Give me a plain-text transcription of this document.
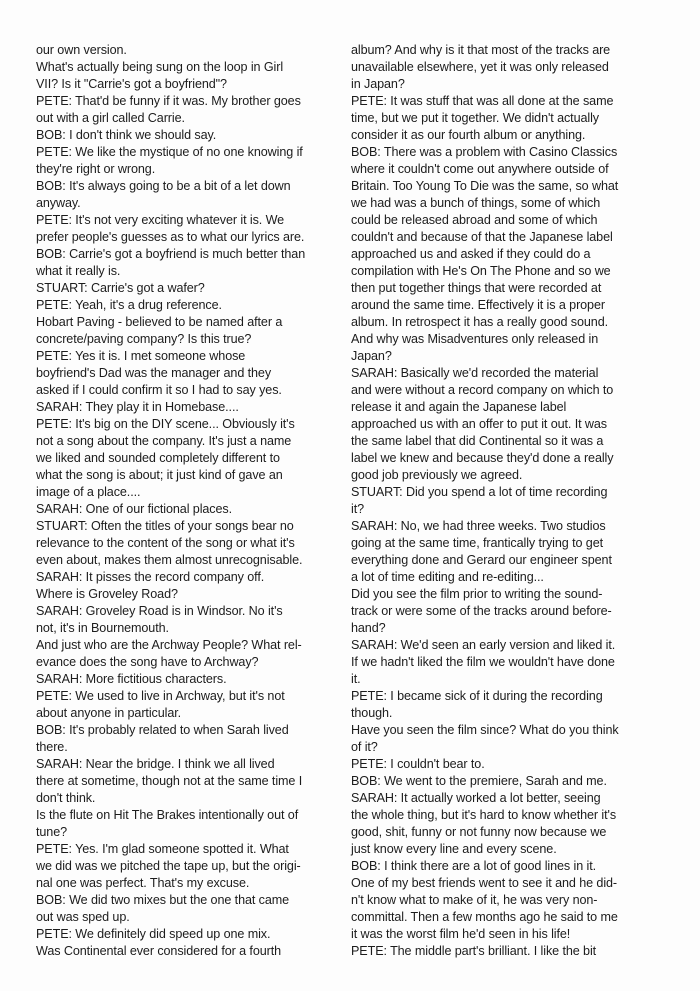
our own version.
What's actually being sung on the loop in Girl
VII? Is it "Carrie's got a boyfriend"?
PETE: That'd be funny if it was. My brother goes
out with a girl called Carrie.
BOB: I don't think we should say.
PETE: We like the mystique of no one knowing if
they're right or wrong.
BOB: It's always going to be a bit of a let down
anyway.
PETE: It's not very exciting whatever it is. We
prefer people's guesses as to what our lyrics are.
BOB: Carrie's got a boyfriend is much better than
what it really is.
STUART: Carrie's got a wafer?
PETE: Yeah, it's a drug reference.
Hobart Paving - believed to be named after a
concrete/paving company? Is this true?
PETE: Yes it is. I met someone whose
boyfriend's Dad was the manager and they
asked if I could confirm it so I had to say yes.
SARAH: They play it in Homebase....
PETE: It's big on the DIY scene... Obviously it's
not a song about the company. It's just a name
we liked and sounded completely different to
what the song is about; it just kind of gave an
image of a place....
SARAH: One of our fictional places.
STUART: Often the titles of your songs bear no
relevance to the content of the song or what it's
even about, makes them almost unrecognisable.
SARAH: It pisses the record company off.
Where is Groveley Road?
SARAH: Groveley Road is in Windsor. No it's
not, it's in Bournemouth.
And just who are the Archway People? What rel-
evance does the song have to Archway?
SARAH: More fictitious characters.
PETE: We used to live in Archway, but it's not
about anyone in particular.
BOB: It's probably related to when Sarah lived
there.
SARAH: Near the bridge. I think we all lived
there at sometime, though not at the same time I
don't think.
Is the flute on Hit The Brakes intentionally out of
tune?
PETE: Yes. I'm glad someone spotted it. What
we did was we pitched the tape up, but the origi-
nal one was perfect. That's my excuse.
BOB: We did two mixes but the one that came
out was sped up.
PETE: We definitely did speed up one mix.
Was Continental ever considered for a fourth
album? And why is it that most of the tracks are
unavailable elsewhere, yet it was only released
in Japan?
PETE: It was stuff that was all done at the same
time, but we put it together. We didn't actually
consider it as our fourth album or anything.
BOB: There was a problem with Casino Classics
where it couldn't come out anywhere outside of
Britain. Too Young To Die was the same, so what
we had was a bunch of things, some of which
could be released abroad and some of which
couldn't and because of that the Japanese label
approached us and asked if they could do a
compilation with He's On The Phone and so we
then put together things that were recorded at
around the same time. Effectively it is a proper
album. In retrospect it has a really good sound.
And why was Misadventures only released in
Japan?
SARAH: Basically we'd recorded the material
and were without a record company on which to
release it and again the Japanese label
approached us with an offer to put it out. It was
the same label that did Continental so it was a
label we knew and because they'd done a really
good job previously we agreed.
STUART: Did you spend a lot of time recording
it?
SARAH: No, we had three weeks. Two studios
going at the same time, frantically trying to get
everything done and Gerard our engineer spent
a lot of time editing and re-editing...
Did you see the film prior to writing the sound-
track or were some of the tracks around before-
hand?
SARAH: We'd seen an early version and liked it.
If we hadn't liked the film we wouldn't have done
it.
PETE: I became sick of it during the recording
though.
Have you seen the film since? What do you think
of it?
PETE: I couldn't bear to.
BOB: We went to the premiere, Sarah and me.
SARAH: It actually worked a lot better, seeing
the whole thing, but it's hard to know whether it's
good, shit, funny or not funny now because we
just know every line and every scene.
BOB: I think there are a lot of good lines in it.
One of my best friends went to see it and he did-
n't know what to make of it, he was very non-
committal. Then a few months ago he said to me
it was the worst film he'd seen in his life!
PETE: The middle part's brilliant. I like the bit
